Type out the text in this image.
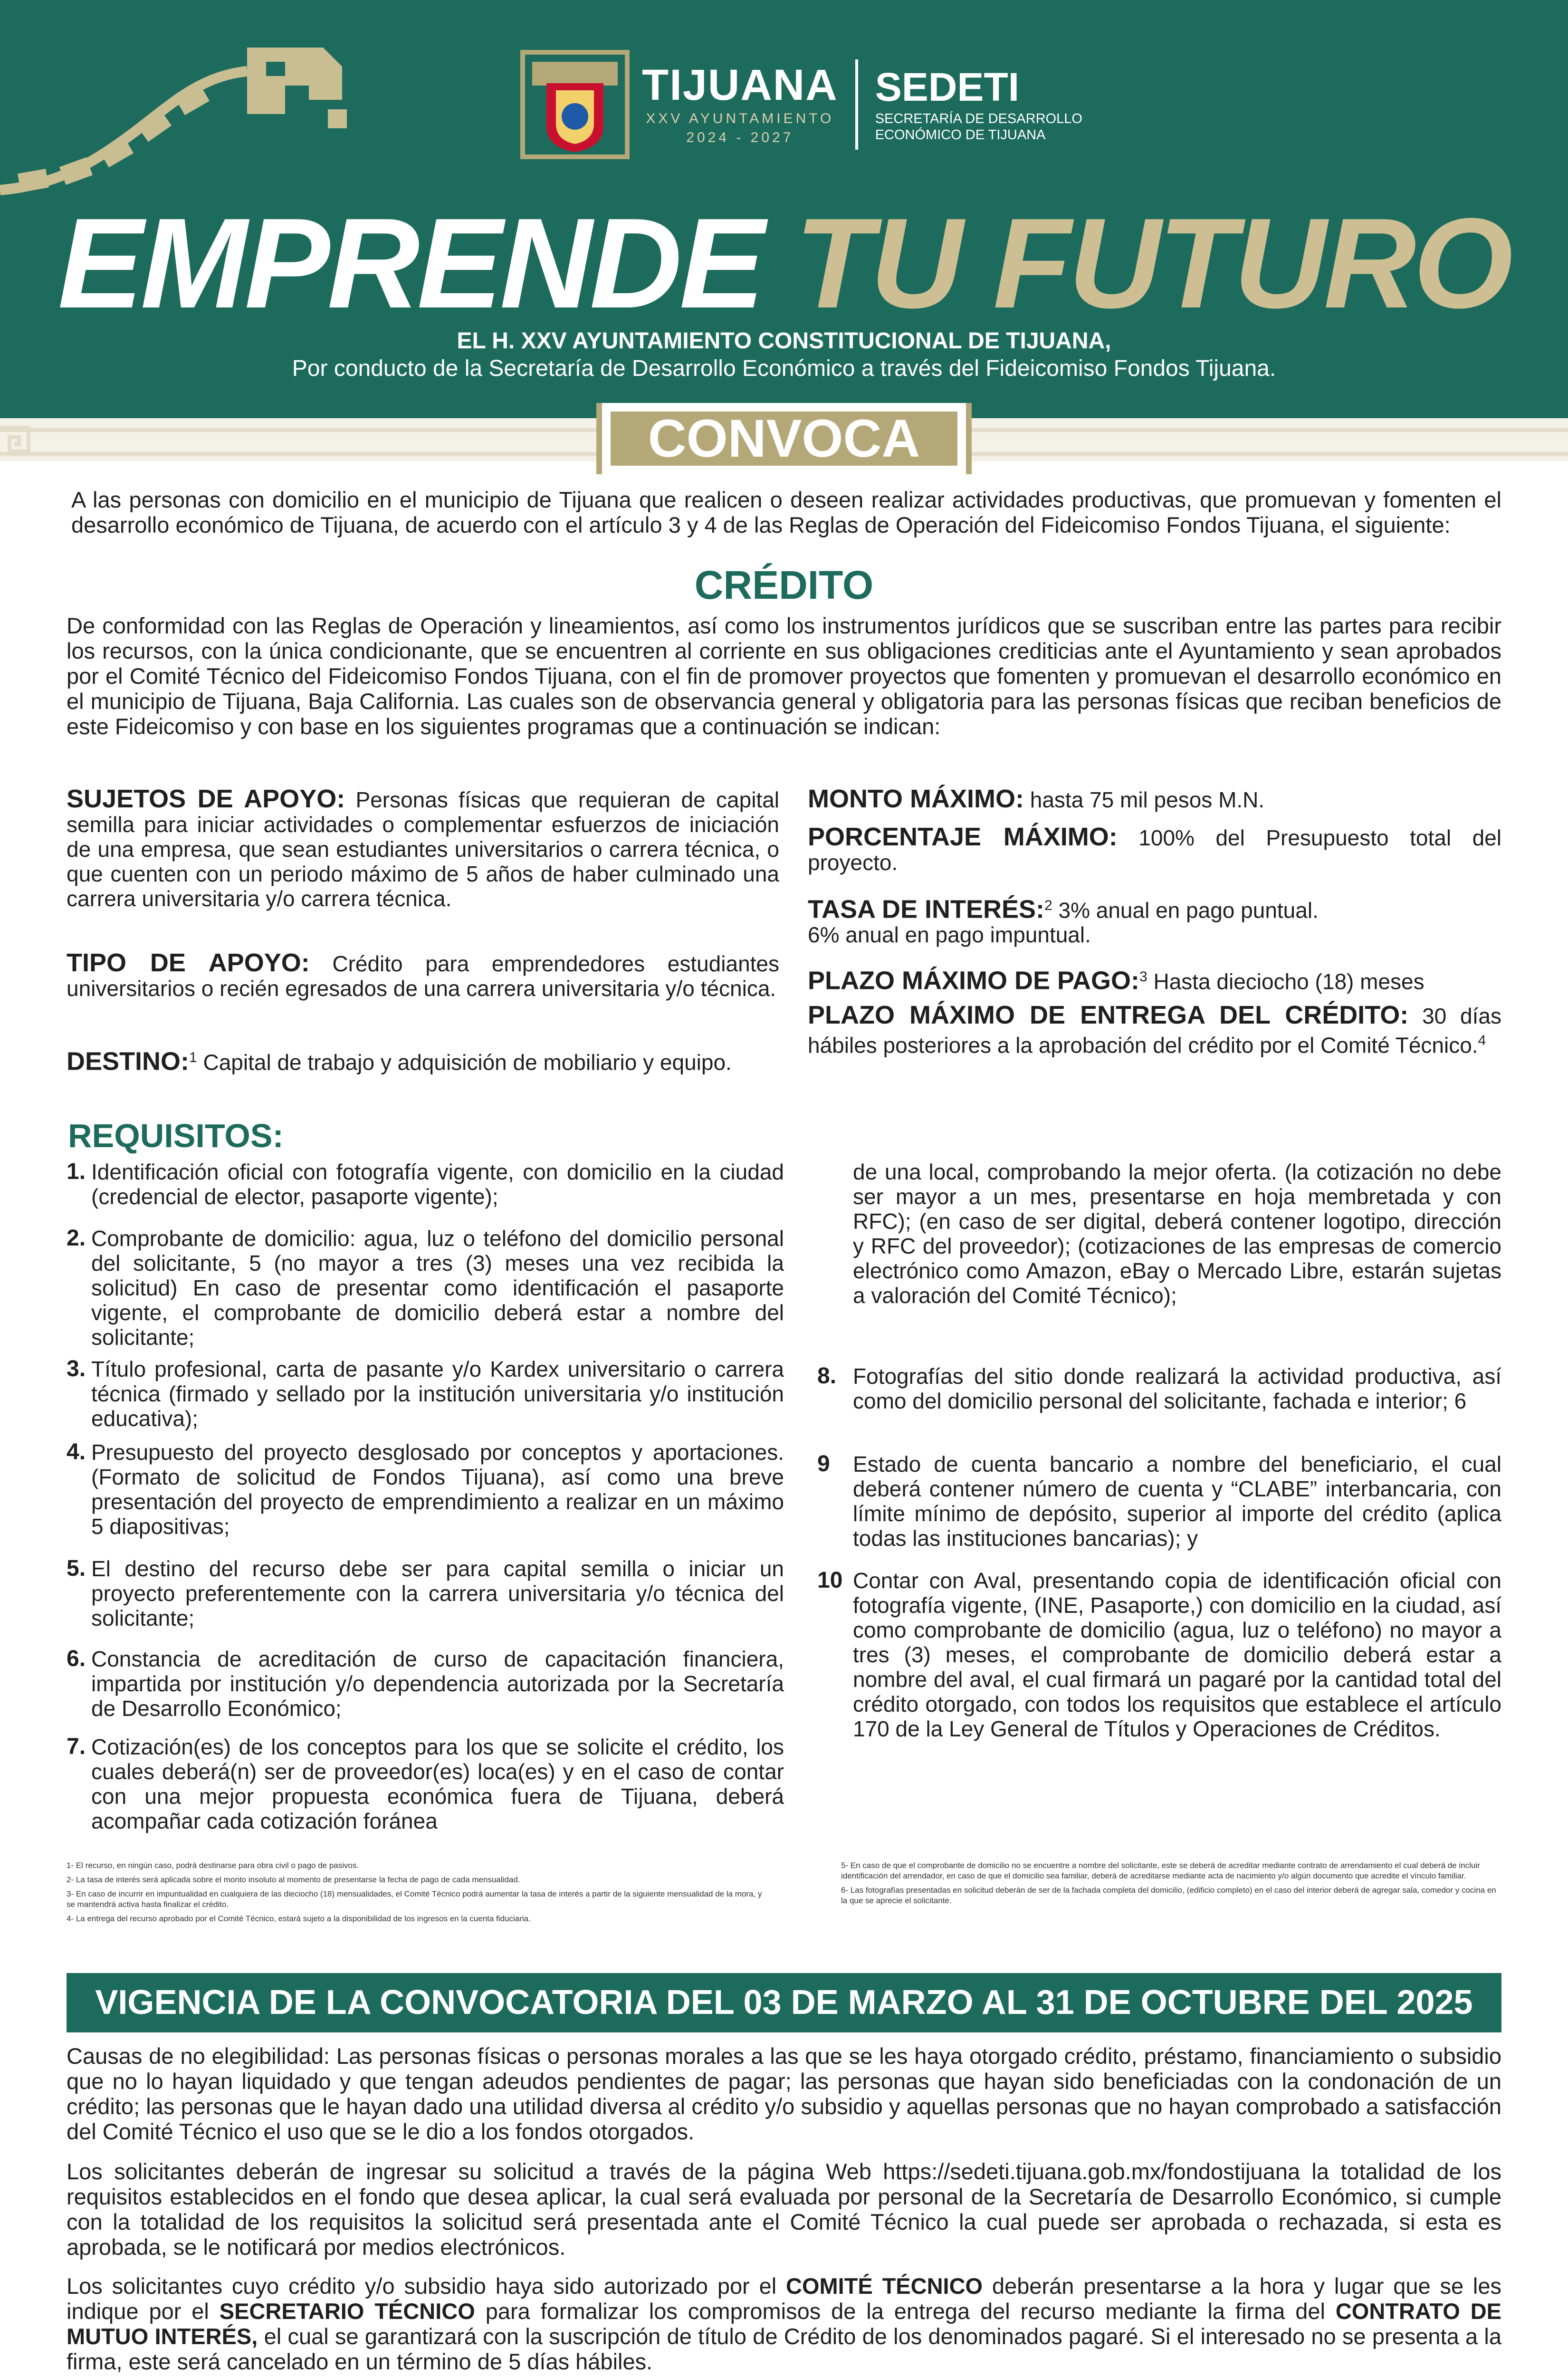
TIJUANA
XXV AYUNTAMIENTO
2024 - 2027
SEDETI
SECRETARÍA DE DESARROLLO
ECONÓMICO DE TIJUANA
EMPRENDE TU FUTURO
EL H. XXV AYUNTAMIENTO CONSTITUCIONAL DE TIJUANA,
Por conducto de la Secretaría de Desarrollo Económico a través del Fideicomiso Fondos Tijuana.
CONVOCA
A las personas con domicilio en el municipio de Tijuana que realicen o deseen realizar actividades productivas, que promuevan y fomenten el desarrollo económico de Tijuana, de acuerdo con el artículo 3 y 4 de las Reglas de Operación del Fideicomiso Fondos Tijuana, el siguiente:
CRÉDITO
De conformidad con las Reglas de Operación y lineamientos, así como los instrumentos jurídicos que se suscriban entre las partes para recibir los recursos, con la única condicionante, que se encuentren al corriente en sus obligaciones crediticias ante el Ayuntamiento y sean aprobados por el Comité Técnico del Fideicomiso Fondos Tijuana, con el fin de promover proyectos que fomenten y promuevan el desarrollo económico en el municipio de Tijuana, Baja California. Las cuales son de observancia general y obligatoria para las personas físicas que reciban beneficios de este Fideicomiso y con base en los siguientes programas que a continuación se indican:
SUJETOS DE APOYO: Personas físicas que requieran de capital semilla para iniciar actividades o complementar esfuerzos de iniciación de una empresa, que sean estudiantes universitarios o carrera técnica, o que cuenten con un periodo máximo de 5 años de haber culminado una carrera universitaria y/o carrera técnica.
TIPO DE APOYO: Crédito para emprendedores estudiantes universitarios o recién egresados de una carrera universitaria y/o técnica.
DESTINO:$^1$ Capital de trabajo y adquisición de mobiliario y equipo.
MONTO MÁXIMO: hasta 75 mil pesos M.N.
PORCENTAJE MÁXIMO: 100% del Presupuesto total del proyecto.
TASA DE INTERÉS:$^2$ 3% anual en pago puntual.
6% anual en pago impuntual.
PLAZO MÁXIMO DE PAGO:$^3$ Hasta dieciocho (18) meses
PLAZO MÁXIMO DE ENTREGA DEL CRÉDITO: 30 días hábiles posteriores a la aprobación del crédito por el Comité Técnico.$^4$
REQUISITOS:
1. Identificación oficial con fotografía vigente, con domicilio en la ciudad (credencial de elector, pasaporte vigente);
2. Comprobante de domicilio: agua, luz o teléfono del domicilio personal del solicitante, 5 (no mayor a tres (3) meses una vez recibida la solicitud) En caso de presentar como identificación el pasaporte vigente, el comprobante de domicilio deberá estar a nombre del solicitante;
3. Título profesional, carta de pasante y/o Kardex universitario o carrera técnica (firmado y sellado por la institución universitaria y/o institución educativa);
4. Presupuesto del proyecto desglosado por conceptos y aportaciones. (Formato de solicitud de Fondos Tijuana), así como una breve presentación del proyecto de emprendimiento a realizar en un máximo 5 diapositivas;
5. El destino del recurso debe ser para capital semilla o iniciar un proyecto preferentemente con la carrera universitaria y/o técnica del solicitante;
6. Constancia de acreditación de curso de capacitación financiera, impartida por institución y/o dependencia autorizada por la Secretaría de Desarrollo Económico;
7. Cotización(es) de los conceptos para los que se solicite el crédito, los cuales deberá(n) ser de proveedor(es) loca(es) y en el caso de contar con una mejor propuesta económica fuera de Tijuana, deberá acompañar cada cotización foránea
de una local, comprobando la mejor oferta. (la cotización no debe ser mayor a un mes, presentarse en hoja membretada y con RFC); (en caso de ser digital, deberá contener logotipo, dirección y RFC del proveedor); (cotizaciones de las empresas de comercio electrónico como Amazon, eBay o Mercado Libre, estarán sujetas a valoración del Comité Técnico);
8. Fotografías del sitio donde realizará la actividad productiva, así como del domicilio personal del solicitante, fachada e interior; 6
9 Estado de cuenta bancario a nombre del beneficiario, el cual deberá contener número de cuenta y “CLABE” interbancaria, con límite mínimo de depósito, superior al importe del crédito (aplica todas las instituciones bancarias); y
10 Contar con Aval, presentando copia de identificación oficial con fotografía vigente, (INE, Pasaporte,) con domicilio en la ciudad, así como comprobante de domicilio (agua, luz o teléfono) no mayor a tres (3) meses, el comprobante de domicilio deberá estar a nombre del aval, el cual firmará un pagaré por la cantidad total del crédito otorgado, con todos los requisitos que establece el artículo 170 de la Ley General de Títulos y Operaciones de Créditos.
1- El recurso, en ningún caso, podrá destinarse para obra civil o pago de pasivos.
2- La tasa de interés será aplicada sobre el monto insoluto al momento de presentarse la fecha de pago de cada mensualidad.
3- En caso de incurrir en impuntualidad en cualquiera de las dieciocho (18) mensualidades, el Comité Técnico podrá aumentar la tasa de interés a partir de la siguiente mensualidad de la mora, y se mantendrá activa hasta finalizar el crédito.
4- La entrega del recurso aprobado por el Comité Técnico, estará sujeto a la disponibilidad de los ingresos en la cuenta fiduciaria.
5- En caso de que el comprobante de domicilio no se encuentre a nombre del solicitante, este se deberá de acreditar mediante contrato de arrendamiento el cual deberá de incluir identificación del arrendador, en caso de que el domicilio sea familiar, deberá de acreditarse mediante acta de nacimiento y/o algún documento que acredite el vínculo familiar.
6- Las fotografías presentadas en solicitud deberán de ser de la fachada completa del domicilio, (edificio completo) en el caso del interior deberá de agregar sala, comedor y cocina en la que se aprecie el solicitante.
VIGENCIA DE LA CONVOCATORIA DEL 03 DE MARZO AL 31 DE OCTUBRE DEL 2025
Causas de no elegibilidad: Las personas físicas o personas morales a las que se les haya otorgado crédito, préstamo, financiamiento o subsidio que no lo hayan liquidado y que tengan adeudos pendientes de pagar; las personas que hayan sido beneficiadas con la condonación de un crédito; las personas que le hayan dado una utilidad diversa al crédito y/o subsidio y aquellas personas que no hayan comprobado a satisfacción del Comité Técnico el uso que se le dio a los fondos otorgados.
Los solicitantes deberán de ingresar su solicitud a través de la página Web https://sedeti.tijuana.gob.mx/fondostijuana la totalidad de los requisitos establecidos en el fondo que desea aplicar, la cual será evaluada por personal de la Secretaría de Desarrollo Económico, si cumple con la totalidad de los requisitos la solicitud será presentada ante el Comité Técnico la cual puede ser aprobada o rechazada, si esta es aprobada, se le notificará por medios electrónicos.
Los solicitantes cuyo crédito y/o subsidio haya sido autorizado por el COMITÉ TÉCNICO deberán presentarse a la hora y lugar que se les indique por el SECRETARIO TÉCNICO para formalizar los compromisos de la entrega del recurso mediante la firma del CONTRATO DE MUTUO INTERÉS, el cual se garantizará con la suscripción de título de Crédito de los denominados pagaré. Si el interesado no se presenta a la firma, este será cancelado en un término de 5 días hábiles.
